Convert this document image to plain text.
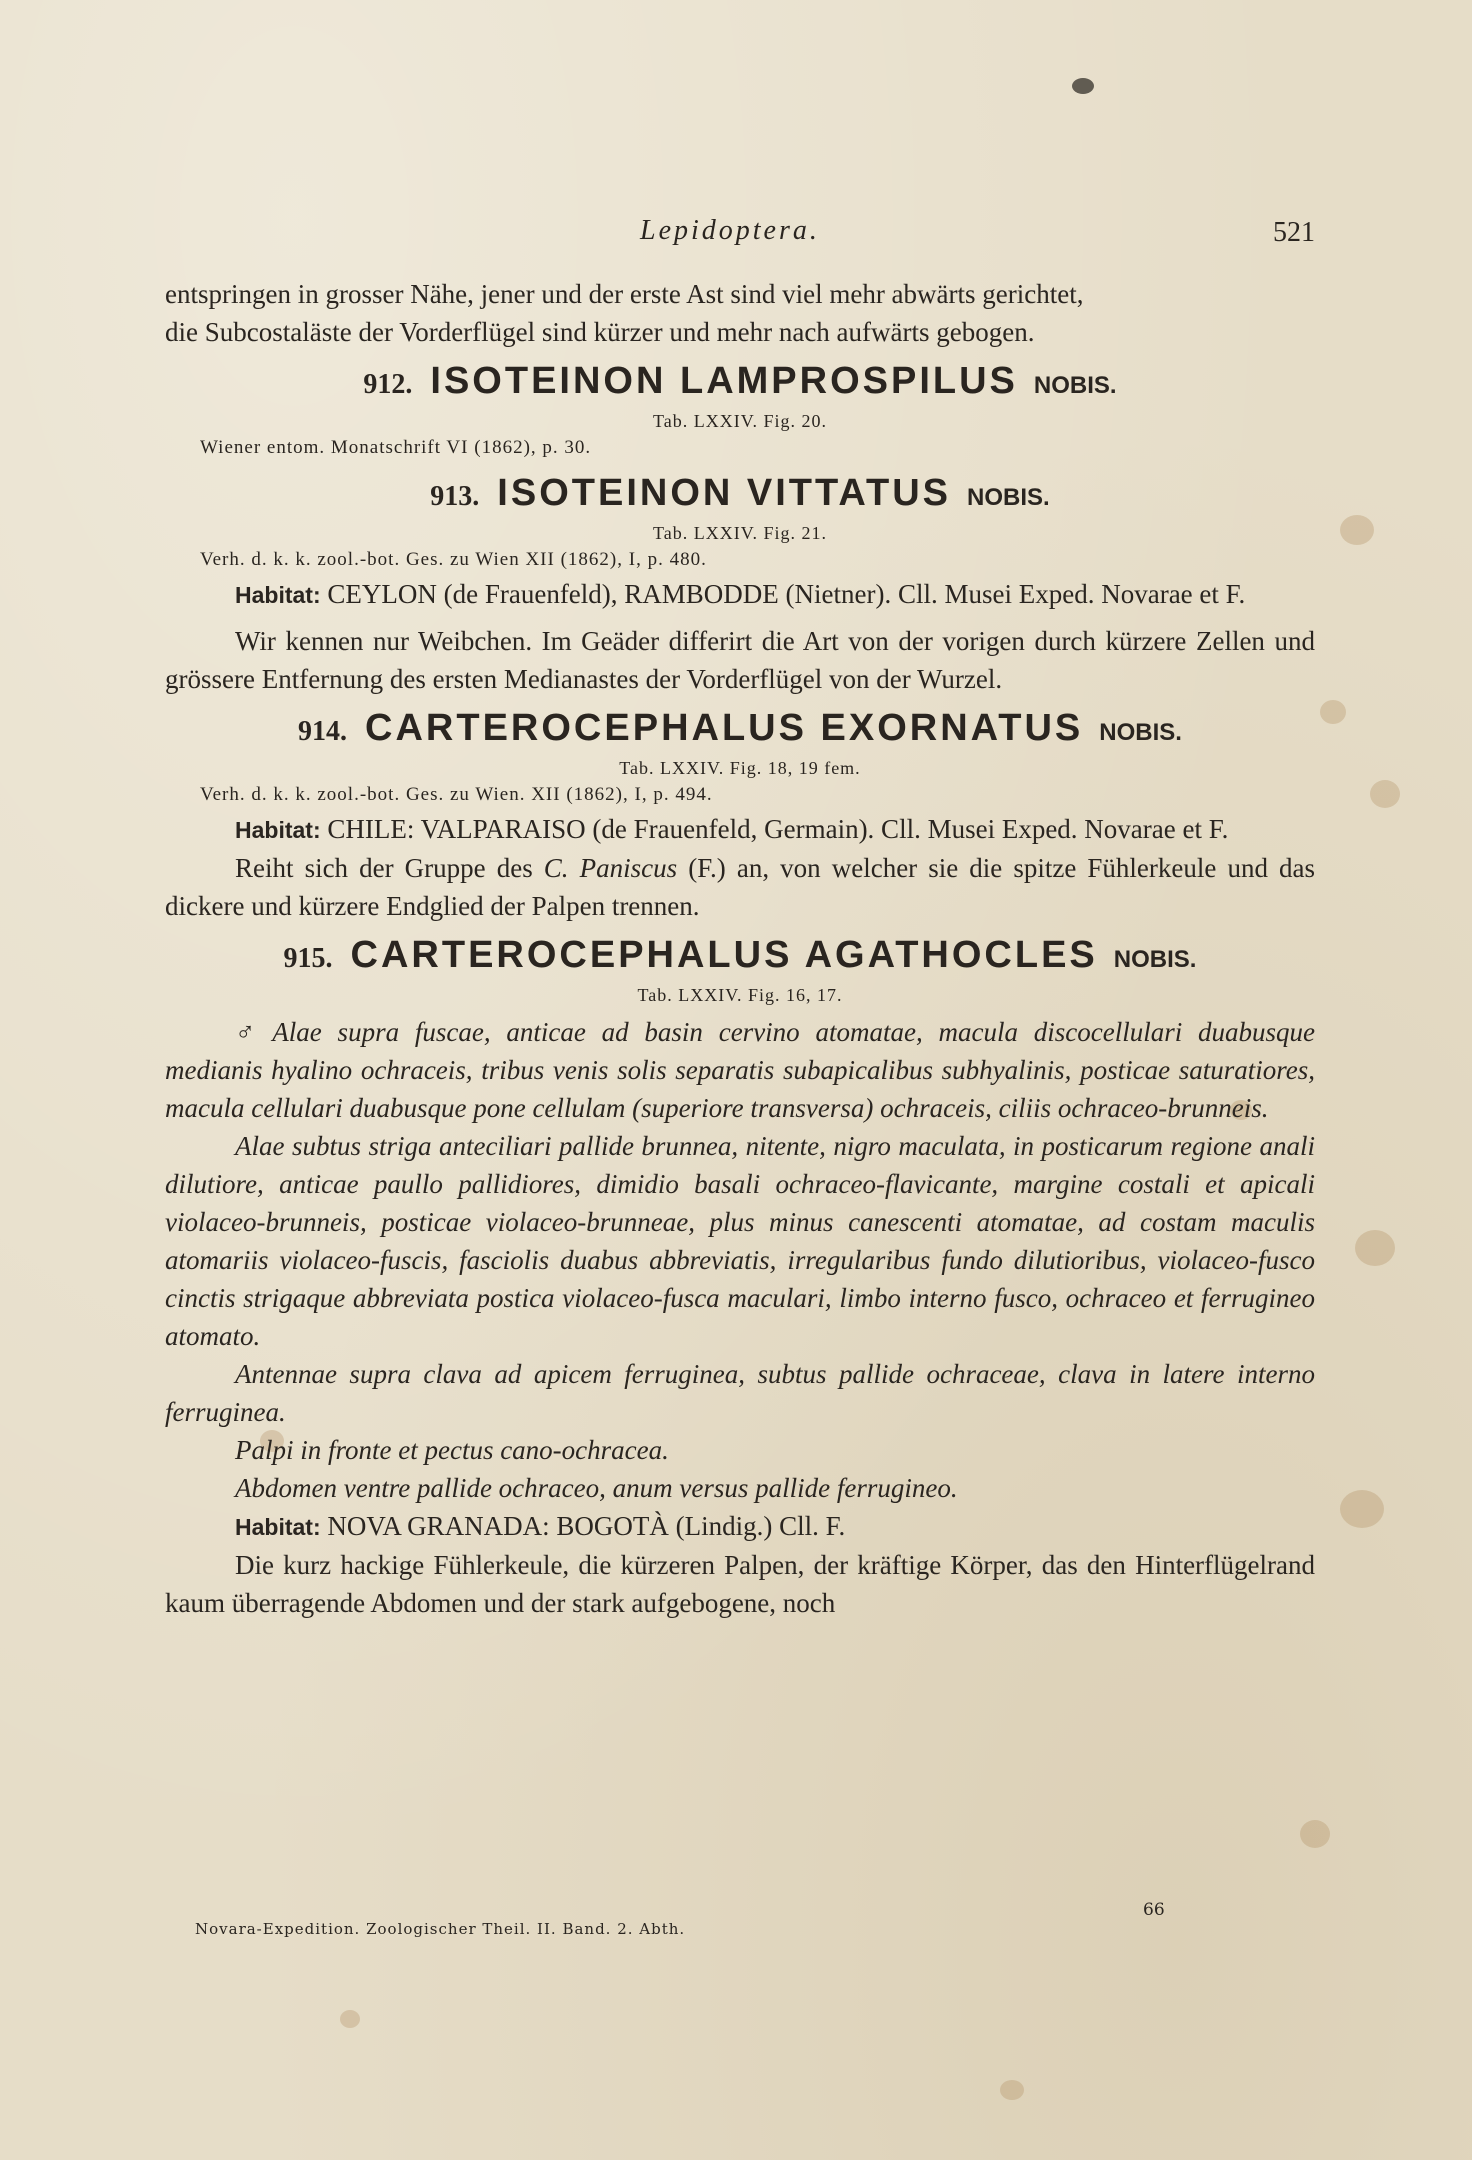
Lepidoptera.	521

entspringen in grosser Nähe, jener und der erste Ast sind viel mehr abwärts gerichtet,

die Subcostaläste der Vorderflügel sind kürzer und mehr nach aufwärts gebogen.

912. ISOTEINON LAMPROSPILUS NOBIS.
Tab. LXXIV. Fig. 20.
Wiener entom. Monatschrift VI (1862), p. 30.
913. ISOTEINON VITTATUS NOBIS.
Tab. LXXIV. Fig. 21.
Verh. d. k. k. zool.-bot. Ges. zu Wien XII (1862), I, p. 480.

Habitat: CEYLON (de Frauenfeld), RAMBODDE (Nietner). Cll. Musei Exped. Novarae et F.

Wir kennen nur Weibchen. Im Geäder differirt die Art von der vorigen durch kürzere Zellen und grössere Entfernung des ersten Medianastes der Vorderflügel von der Wurzel.

914. CARTEROCEPHALUS EXORNATUS NOBIS.
Tab. LXXIV. Fig. 18, 19 fem.
Verh. d. k. k. zool.-bot. Ges. zu Wien. XII (1862), I, p. 494.

Habitat: CHILE: VALPARAISO (de Frauenfeld, Germain). Cll. Musei Exped. Novarae et F.

Reiht sich der Gruppe des C. Paniscus (F.) an, von welcher sie die spitze Fühlerkeule und das dickere und kürzere Endglied der Palpen trennen.

915. CARTEROCEPHALUS AGATHOCLES NOBIS.
Tab. LXXIV. Fig. 16, 17.

♂ Alae supra fuscae, anticae ad basin cervino atomatae, macula discocellulari duabusque medianis hyalino ochraceis, tribus venis solis separatis subapicalibus subhyalinis, posticae saturatiores, macula cellulari duabusque pone cellulam (superiore transversa) ochraceis, ciliis ochraceo-brunneis.

Alae subtus striga anteciliari pallide brunnea, nitente, nigro maculata, in posticarum regione anali dilutiore, anticae paullo pallidiores, dimidio basali ochraceo-flavicante, margine costali et apicali violaceo-brunneis, posticae violaceo-brunneae, plus minus canescenti atomatae, ad costam maculis atomariis violaceo-fuscis, fasciolis duabus abbreviatis, irregularibus fundo dilutioribus, violaceo-fusco cinctis strigaque abbreviata postica violaceo-fusca maculari, limbo interno fusco, ochraceo et ferrugineo atomato.

Antennae supra clava ad apicem ferruginea, subtus pallide ochraceae, clava in latere interno ferruginea.

Palpi in fronte et pectus cano-ochracea.

Abdomen ventre pallide ochraceo, anum versus pallide ferrugineo.

Habitat: NOVA GRANADA: BOGOTÀ (Lindig.) Cll. F.

Die kurz hackige Fühlerkeule, die kürzeren Palpen, der kräftige Körper, das den Hinterflügelrand kaum überragende Abdomen und der stark aufgebogene, noch

Novara-Expedition. Zoologischer Theil. II. Band. 2. Abth.
66
